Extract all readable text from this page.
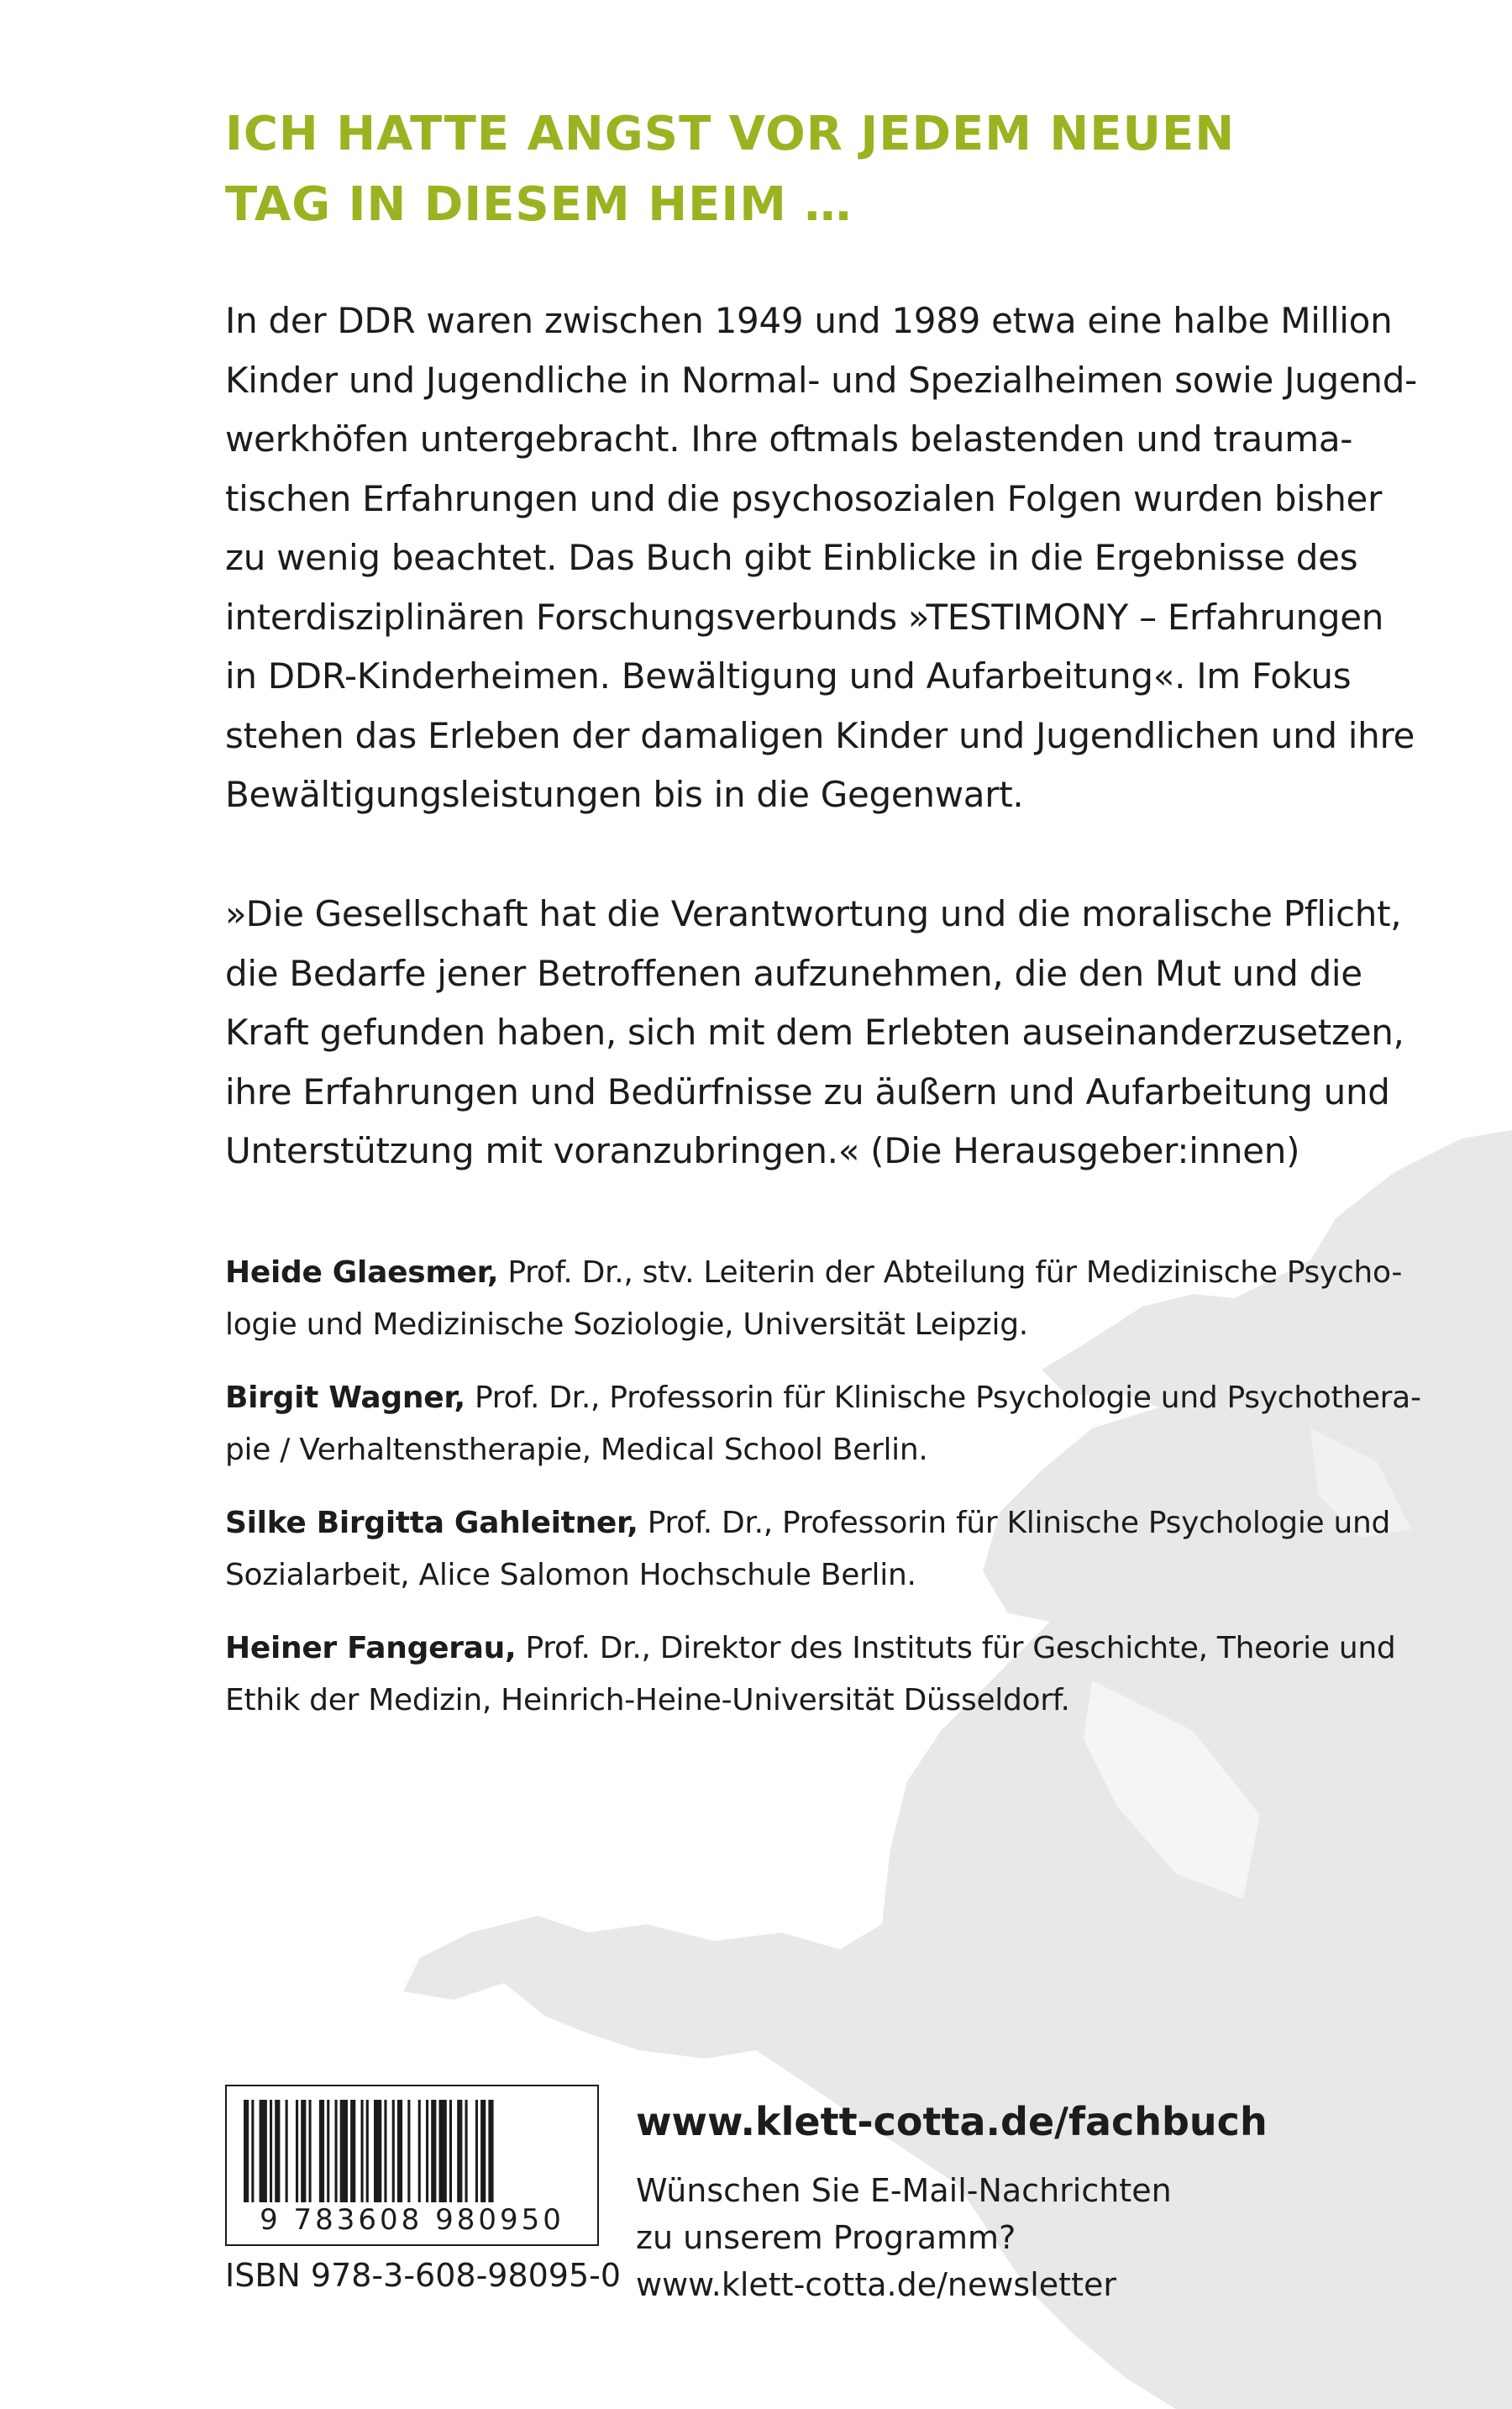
ICH HATTE ANGST VOR JEDEM NEUEN
TAG IN DIESEM HEIM …

In der DDR waren zwischen 1949 und 1989 etwa eine halbe Million
Kinder und Jugendliche in Normal- und Spezialheimen sowie Jugend-
werkhöfen untergebracht. Ihre oftmals belastenden und trauma-
tischen Erfahrungen und die psychosozialen Folgen wurden bisher
zu wenig beachtet. Das Buch gibt Einblicke in die Ergebnisse des
interdisziplinären Forschungsverbunds »TESTIMONY – Erfahrungen
in DDR-Kinderheimen. Bewältigung und Aufarbeitung«. Im Fokus
stehen das Erleben der damaligen Kinder und Jugendlichen und ihre
Bewältigungsleistungen bis in die Gegenwart.

»Die Gesellschaft hat die Verantwortung und die moralische Pflicht,
die Bedarfe jener Betroffenen aufzunehmen, die den Mut und die
Kraft gefunden haben, sich mit dem Erlebten auseinanderzusetzen,
ihre Erfahrungen und Bedürfnisse zu äußern und Aufarbeitung und
Unterstützung mit voranzubringen.« (Die Herausgeber:innen)

Heide Glaesmer, Prof. Dr., stv. Leiterin der Abteilung für Medizinische Psycho-
logie und Medizinische Soziologie, Universität Leipzig.

Birgit Wagner, Prof. Dr., Professorin für Klinische Psychologie und Psychothera-
pie / Verhaltenstherapie, Medical School Berlin.

Silke Birgitta Gahleitner, Prof. Dr., Professorin für Klinische Psychologie und
Sozialarbeit, Alice Salomon Hochschule Berlin.

Heiner Fangerau, Prof. Dr., Direktor des Instituts für Geschichte, Theorie und
Ethik der Medizin, Heinrich-Heine-Universität Düsseldorf.

9 783608 980950
ISBN 978-3-608-98095-0
www.klett-cotta.de/fachbuch
Wünschen Sie E-Mail-Nachrichten
zu unserem Programm?
www.klett-cotta.de/newsletter
